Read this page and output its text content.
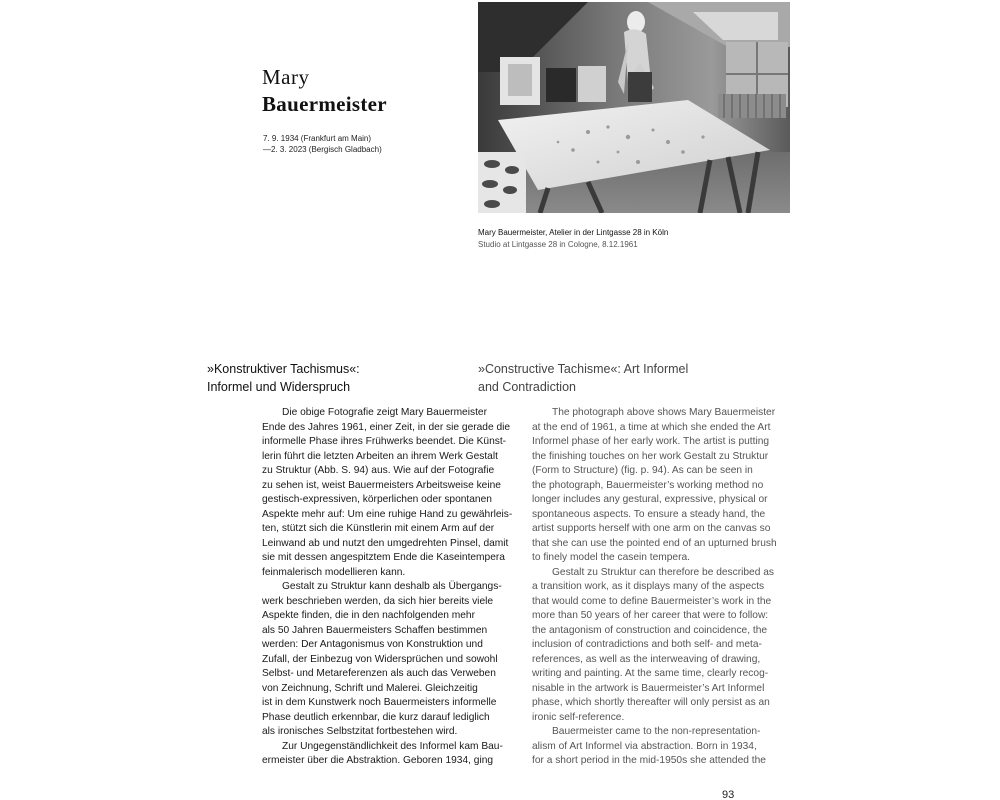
Mary
Bauermeister
7. 9. 1934 (Frankfurt am Main)
—2. 3. 2023 (Bergisch Gladbach)
Mary Bauermeister, Atelier in der Lintgasse 28 in Köln
Studio at Lintgasse 28 in Cologne, 8.12.1961
»Konstruktiver Tachismus«:
Informel und Widerspruch
»Constructive Tachisme«: Art Informel
and Contradiction
Die obige Fotografie zeigt Mary Bauermeister
Ende des Jahres 1961, einer Zeit, in der sie gerade die
informelle Phase ihres Frühwerks beendet. Die Künst-
lerin führt die letzten Arbeiten an ihrem Werk Gestalt
zu Struktur (Abb. S. 94) aus. Wie auf der Fotografie
zu sehen ist, weist Bauermeisters Arbeitsweise keine
gestisch-expressiven, körperlichen oder spontanen
Aspekte mehr auf: Um eine ruhige Hand zu gewährleis-
ten, stützt sich die Künstlerin mit einem Arm auf der
Leinwand ab und nutzt den umgedrehten Pinsel, damit
sie mit dessen angespitztem Ende die Kaseintempera
feinmalerisch modellieren kann.
Gestalt zu Struktur kann deshalb als Übergangs-
werk beschrieben werden, da sich hier bereits viele
Aspekte finden, die in den nachfolgenden mehr
als 50 Jahren Bauermeisters Schaffen bestimmen
werden: Der Antagonismus von Konstruktion und
Zufall, der Einbezug von Widersprüchen und sowohl
Selbst- und Metareferenzen als auch das Verweben
von Zeichnung, Schrift und Malerei. Gleichzeitig
ist in dem Kunstwerk noch Bauermeisters informelle
Phase deutlich erkennbar, die kurz darauf lediglich
als ironisches Selbstzitat fortbestehen wird.
Zur Ungegenständlichkeit des Informel kam Bau-
ermeister über die Abstraktion. Geboren 1934, ging
The photograph above shows Mary Bauermeister
at the end of 1961, a time at which she ended the Art
Informel phase of her early work. The artist is putting
the finishing touches on her work Gestalt zu Struktur
(Form to Structure) (fig. p. 94). As can be seen in
the photograph, Bauermeister’s working method no
longer includes any gestural, expressive, physical or
spontaneous aspects. To ensure a steady hand, the
artist supports herself with one arm on the canvas so
that she can use the pointed end of an upturned brush
to finely model the casein tempera.
Gestalt zu Struktur can therefore be described as
a transition work, as it displays many of the aspects
that would come to define Bauermeister’s work in the
more than 50 years of her career that were to follow:
the antagonism of construction and coincidence, the
inclusion of contradictions and both self- and meta-
references, as well as the interweaving of drawing,
writing and painting. At the same time, clearly recog-
nisable in the artwork is Bauermeister’s Art Informel
phase, which shortly thereafter will only persist as an
ironic self-reference.
Bauermeister came to the non-representation-
alism of Art Informel via abstraction. Born in 1934,
for a short period in the mid-1950s she attended the
93
